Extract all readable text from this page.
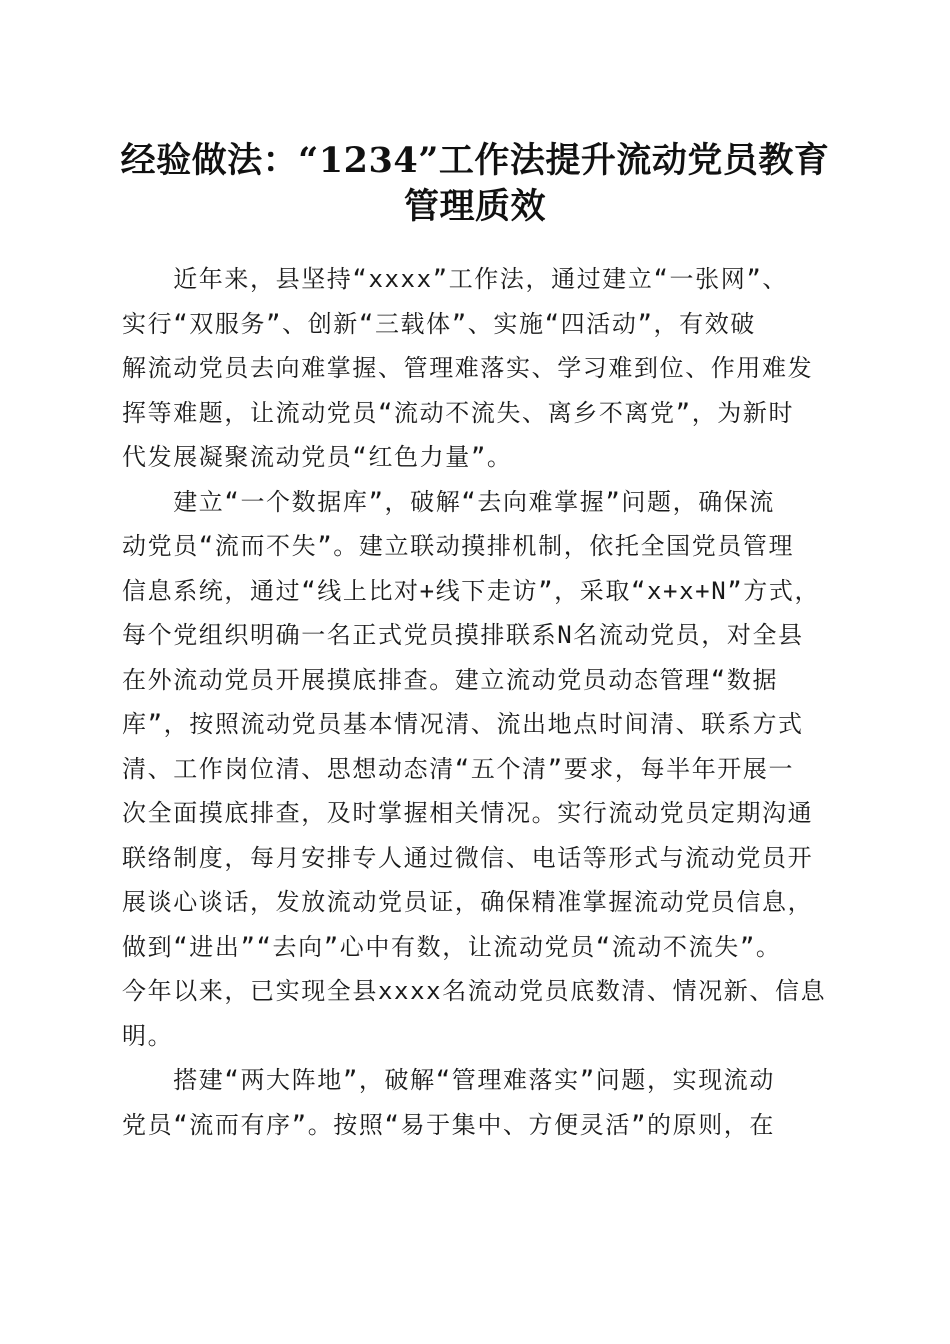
经验做法：“1234”工作法提升流动党员教育
管理质效

　　近年来，县坚持“xxxx”工作法，通过建立“一张网”、
实行“双服务”、创新“三载体”、实施“四活动”，有效破
解流动党员去向难掌握、管理难落实、学习难到位、作用难发
挥等难题，让流动党员“流动不流失、离乡不离党”，为新时
代发展凝聚流动党员“红色力量”。

　　建立“一个数据库”，破解“去向难掌握”问题，确保流
动党员“流而不失”。建立联动摸排机制，依托全国党员管理
信息系统，通过“线上比对+线下走访”，采取“x+x+N”方式，
每个党组织明确一名正式党员摸排联系N名流动党员，对全县
在外流动党员开展摸底排查。建立流动党员动态管理“数据
库”，按照流动党员基本情况清、流出地点时间清、联系方式
清、工作岗位清、思想动态清“五个清”要求，每半年开展一
次全面摸底排查，及时掌握相关情况。实行流动党员定期沟通
联络制度，每月安排专人通过微信、电话等形式与流动党员开
展谈心谈话，发放流动党员证，确保精准掌握流动党员信息，
做到“进出”“去向”心中有数，让流动党员“流动不流失”。
今年以来，已实现全县xxxx名流动党员底数清、情况新、信息
明。

　　搭建“两大阵地”，破解“管理难落实”问题，实现流动
党员“流而有序”。按照“易于集中、方便灵活”的原则，在
